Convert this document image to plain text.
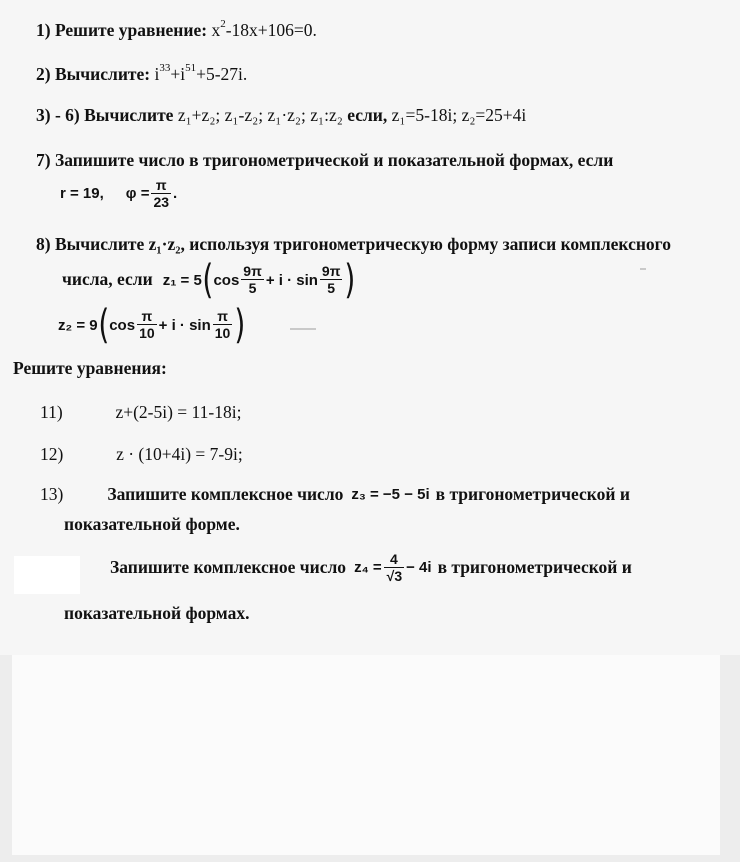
1) Решите уравнение: $x^2-18x+106=0$.
2) Вычислите: $i^{33}+i^{51}+5-27i$.
3) - 6) Вычислите z₁+z₂; z₁-z₂; z₁·z₂; z₁:z₂ если, z₁=5-18i; z₂=25+4i
7) Запишите число в тригонометрической и показательной формах, если
r = 19, $\varphi = \frac{\pi}{23}$ .
8) Вычислите z₁·z₂, используя тригонометрическую форму записи комплексного
числа, если z₁ = 5 ( $\cos \frac{9\pi}{5} + i \cdot \sin \frac{9\pi}{5}$ )
z₂ = 9 ( $\cos \frac{\pi}{10} + i \cdot \sin \frac{\pi}{10}$ )
Решите уравнения:
11)	z+(2-5i) = 11-18i;
12)	z · (10+4i) = 7-9i;
13)	Запишите комплексное число z₃ = −5 − 5i в тригонометрической и
показательной форме.
Запишите комплексное число $z_4 = \frac{4}{√3} - 4i$ в тригонометрической и
показательной формах.
